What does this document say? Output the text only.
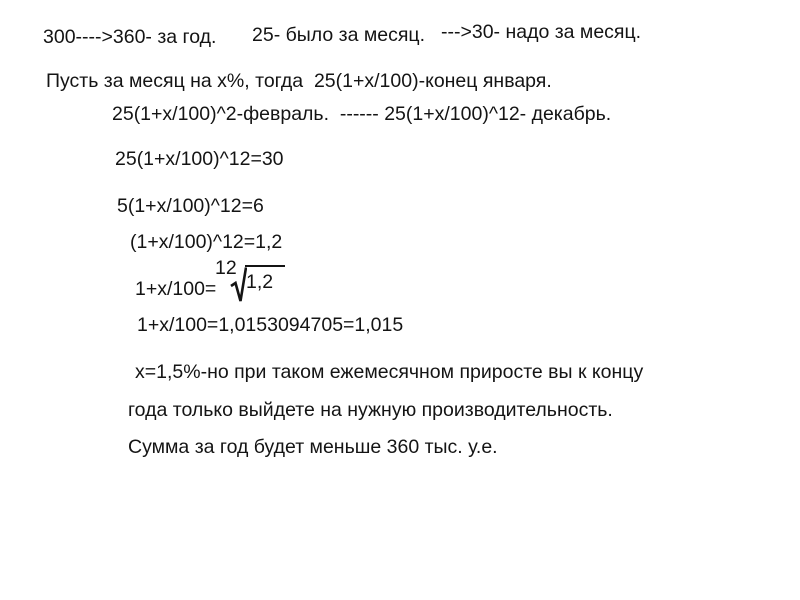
300---->360- за год. 25- было за месяц. --->30- надо за месяц.
Пусть за месяц на x%, тогда  25(1+x/100)-конец января.
25(1+x/100)^2-февраль.  ------ 25(1+x/100)^12- декабрь.
25(1+x/100)^12=30
5(1+x/100)^12=6
(1+x/100)^12=1,2
1+x/100=
12
1,2
1+x/100=1,0153094705=1,015
x=1,5%-но при таком ежемесячном приросте вы к концу
года только выйдете на нужную производительность.
Сумма за год будет меньше 360 тыс. у.е.
